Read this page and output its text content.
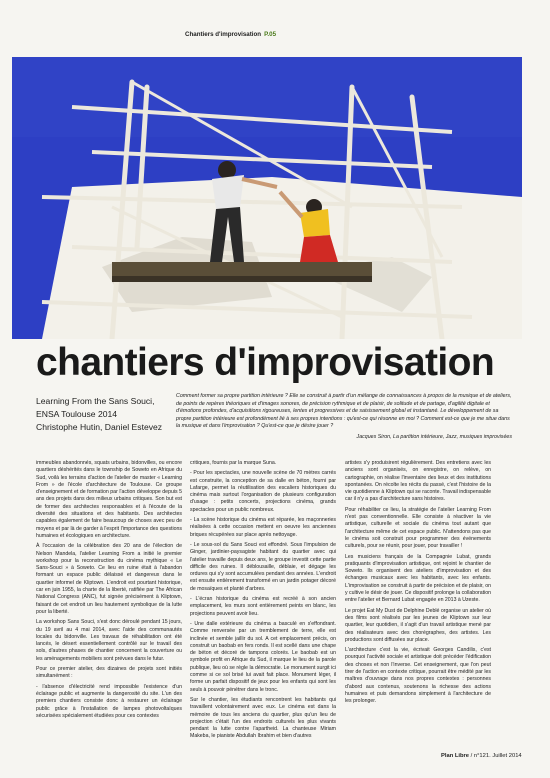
Chantiers d'improvisation P.05
chantiers d'improvisation
Learning From the Sans Souci,
ENSA Toulouse 2014
Christophe Hutin, Daniel Estevez

Comment former sa propre partition intérieure ? Elle se construit à partir d'un mélange de connaissances à propos de la musique et de ateliers, de points de repères théoriques et d'images sonores, de précision rythmique et de plaisir, de solitude et de partage, d'agilité digitale et d'émotions profondes, d'acquisitions rigoureuses, lentes et progressives et de saisissement global et instantané. Le développement de sa propre partition intérieure est profondément lié à ses propres intentions : qu'est-ce qui résonne en moi ? Comment est-ce que je me situe dans la musique et dans l'improvisation ? Qu'est-ce que je désire jouer ?

Jacques Siron, La partition intérieure, Jazz, musiques improvisées

immeubles abandonnés, squats urbains, bidonvilles, ou encore quartiers déshérités dans le township de Soweto en Afrique du Sud, voilà les terrains d'action de l'atelier de master « Learning From » de l'école d'architecture de Toulouse. Ce groupe d'enseignement et de formation par l'action développe depuis 5 ans des projets dans des milieux urbains critiques. Son but est de former des architectes responsables et à l'écoute de la diversité des situations et des habitants. Des architectes capables également de faire beaucoup de choses avec peu de moyens et par là de garder à l'esprit l'importance des questions humaines et écologiques en architecture.

À l'occasion de la célébration des 20 ans de l'élection de Nelson Mandela, l'atelier Learning From a initié le premier workshop pour la reconstruction du cinéma mythique « Le Sans-Souci » à Soweto. Ce lieu en ruine était à l'abandon formant un espace public délaissé et dangereux dans le quartier informel de Kliptown. L'endroit est pourtant historique, car en juin 1955, la charte de la liberté, ratifiée par The African National Congress (ANC), fut signée précisément à Kliptown, faisant de cet endroit un lieu hautement symbolique de la lutte pour la liberté.

La workshop Sans Souci, s'est donc déroulé pendant 15 jours, du 19 avril au 4 mai 2014, avec l'aide des communautés locales du bidonville. Les travaux de réhabilitation ont été lancés, le désert essentiellement contrôlé sur le travail des sols, d'autres phases de chantier concernent la couverture ou les aménagements mobiliers sont prévues dans le futur.

Pour ce premier atelier, des dizaines de projets sont initiés simultanément :

- l'absence d'électricité rend impossible l'existence d'un éclairage public et augmente la dangerosité du site. L'un des premiers chantiers consiste donc à restaurer un éclairage public grâce à l'installation de lampes photovoltaïques sécurisées spécialement étudiées pour ces contextes

critiques, fournis par la marque Suna.

- Pour les spectacles, une nouvelle scène de 70 mètres carrés est construite, la conception de sa dalle en béton, fourni par Lafarge, permet la réutilisation des escaliers historiques du cinéma mais surtout l'organisation de plusieurs configuration d'usage : petits concerts, projections cinéma, grands spectacles pour un public nombreux.

- La scène historique du cinéma est réparée, les maçonneries réalisées à cette occasion mettent en oeuvre les anciennes briques récupérées sur place après nettoyage.

- Le sous-sol du Sans Souci est effondré. Sous l'impulsion de Ginger, jardinier-paysagiste habitant du quartier avec qui l'atelier travaille depuis deux ans, le groupe investit cette partie difficile des ruines. Il déblousaille, déblaie, et dégage les ordures qui s'y sont accumulées pendant des années. L'endroit est ensuite entièrement transformé en un jardin potager décoré de mosaïques et planté d'arbres.

- L'écran historique du cinéma est recréé à son ancien emplacement, les murs sont entièrement peints en blanc, les projections peuvent avoir lieu.

- Une dalle extérieure du cinéma a basculé en s'effondrant. Comme renversée par un tremblement de terre, elle est inclinée et semble jaillir du sol. A cet emplacement précis, on construit un baobab en fers ronds. Il est scellé dans une chape de béton et décoré de tampons colorés. Le baobab est un symbole profit en Afrique du Sud, il marque le lieu de la parole publique, lieu où se règle la démocratie. Le monument surgit ici comme si ce sol brisé lui avait fait place. Monument léger, il forme un parfait dispositif de jeux pour les enfants qui sont les seuls à pouvoir pénétrer dans le tronc.

Sur le chantier, les étudiants rencontrent les habitants qui travaillent volontairement avec eux. Le cinéma est dans la mémoire de tous les anciens du quartier, plus qu'un lieu de projection c'était l'un des endroits culturels les plus vivants pendant la lutte contre l'apartheid. La chanteuse Miriam Makeba, le pianiste Abdullah Ibrahim et bien d'autres

artistes s'y produisirent régulièrement. Des entretiens avec les anciens sont organisés, on enregistre, on relève, on cartographie, on réalise l'inventaire des lieux et des institutions spontanées. On récolte les récits du passé, c'est l'histoire de la vie quotidienne à Kliptown qui se raconte. Travail indispensable car il n'y a pas d'architecture sans histoires.

Pour réhabiliter ce lieu, la stratégie de l'atelier Learning From n'est pas conventionnelle. Elle consiste à réactiver la vie artistique, culturelle et sociale du cinéma tout autant que l'architecture même de cet espace public. N'attendons pas que le cinéma soit construit pour programmer des événements culturels, pour se réunir, pour jouer, pour travailler !

Les musiciens français de la Compagnie Lubat, grands pratiquants d'improvisation artistique, ont rejoint le chantier de Soweto. Ils organisent des ateliers d'improvisation et des échanges musicaux avec les habitants, avec les enfants. L'improvisation se construit à partir de précision et de plaisir, on y cultive le désir de jouer. Ce dispositif prolonge la collaboration entre l'atelier et Bernard Lubat engagée en 2013 à Uzeste.

Le projet Eat My Dust de Delphine Deblé organise un atelier où des films sont réalisés par les jeunes de Kliptown sur leur quartier, leur quotidien, il s'agit d'un travail artistique mené par des réalisateurs avec des chorégraphes, des artistes. Les productions sont diffusées sur place.

L'architecture c'est la vie, écrivait Georges Candilis, c'est pourquoi l'activité sociale et artistique doit précéder l'édification des choses et non l'inverse. Cet enseignement, que l'on peut tirer de l'action en contexte critique, pourrait être médité par les maîtres d'ouvrage dans nos propres contextes : personnes d'abord aux contenus, soutenons la richesse des actions humaines et puis demandons simplement à l'architecture de les prolonger.

Plan Libre / n°121. Juillet 2014
